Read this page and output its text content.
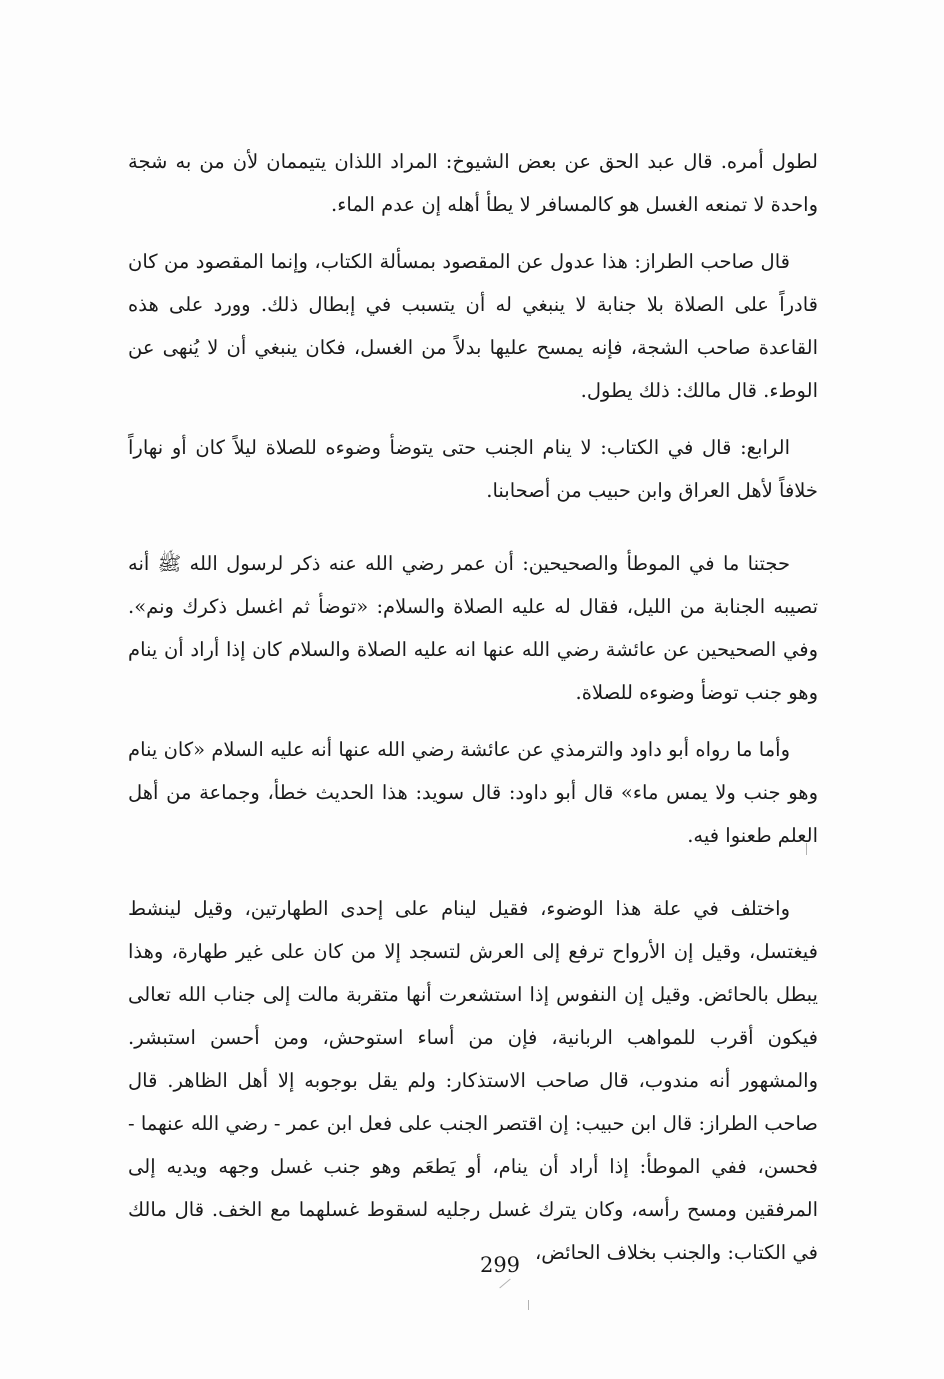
لطول أمره. قال عبد الحق عن بعض الشيوخ: المراد اللذان يتيممان لأن من به شجة واحدة لا تمنعه الغسل هو كالمسافر لا يطأ أهله إن عدم الماء.

قال صاحب الطراز: هذا عدول عن المقصود بمسألة الكتاب، وإنما المقصود من كان قادراً على الصلاة بلا جنابة لا ينبغي له أن يتسبب في إبطال ذلك. وورد على هذه القاعدة صاحب الشجة، فإنه يمسح عليها بدلاً من الغسل، فكان ينبغي أن لا يُنهى عن الوطء. قال مالك: ذلك يطول.

الرابع: قال في الكتاب: لا ينام الجنب حتى يتوضأ وضوءه للصلاة ليلاً كان أو نهاراً خلافاً لأهل العراق وابن حبيب من أصحابنا.

حجتنا ما في الموطأ والصحيحين: أن عمر رضي الله عنه ذكر لرسول الله ﷺ أنه تصيبه الجنابة من الليل، فقال له عليه الصلاة والسلام: «توضأ ثم اغسل ذكرك ونم». وفي الصحيحين عن عائشة رضي الله عنها انه عليه الصلاة والسلام كان إذا أراد أن ينام وهو جنب توضأ وضوءه للصلاة.

وأما ما رواه أبو داود والترمذي عن عائشة رضي الله عنها أنه عليه السلام «كان ينام وهو جنب ولا يمس ماء» قال أبو داود: قال سويد: هذا الحديث خطأ، وجماعة من أهل العلم طعنوا فيه.

واختلف في علة هذا الوضوء، فقيل لينام على إحدى الطهارتين، وقيل لينشط فيغتسل، وقيل إن الأرواح ترفع إلى العرش لتسجد إلا من كان على غير طهارة، وهذا يبطل بالحائض. وقيل إن النفوس إذا استشعرت أنها متقربة مالت إلى جناب الله تعالى فيكون أقرب للمواهب الربانية، فإن من أساء استوحش، ومن أحسن استبشر. والمشهور أنه مندوب، قال صاحب الاستذكار: ولم يقل بوجوبه إلا أهل الظاهر. قال صاحب الطراز: قال ابن حبيب: إن اقتصر الجنب على فعل ابن عمر - رضي الله عنهما - فحسن، ففي الموطأ: إذا أراد أن ينام، أو يَطعَم وهو جنب غسل وجهه ويديه إلى المرفقين ومسح رأسه، وكان يترك غسل رجليه لسقوط غسلهما مع الخف. قال مالك في الكتاب: والجنب بخلاف الحائض،

299
